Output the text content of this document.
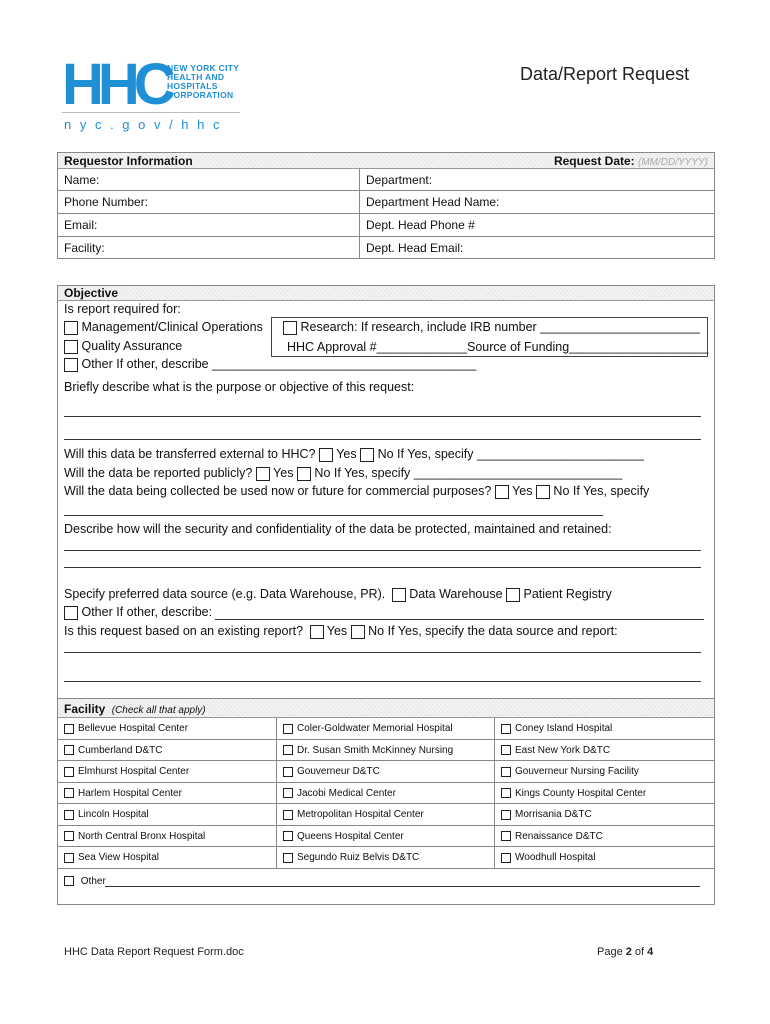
HHC
NEW YORK CITY
HEALTH AND
HOSPITALS
CORPORATION
n y c . g o v / h h c
Data/Report Request
Requestor Information	Request Date: (MM/DD/YYYY)
Name:	Department:
Phone Number:	Department Head Name:
Email:	Dept. Head Phone #
Facility:	Dept. Head Email:
Objective
Is report required for:
Management/Clinical Operations
Quality Assurance
Other If other, describe ______________________________________
Research: If research, include IRB number _______________________
HHC Approval #_____________Source of Funding____________________
Briefly describe what is the purpose or objective of this request:
Will this data be transferred external to HHC? Yes No If Yes, specify ________________________
Will the data be reported publicly? Yes No If Yes, specify ______________________________
Will the data being collected be used now or future for commercial purposes? Yes No If Yes, specify
Describe how will the security and confidentiality of the data be protected, maintained and retained:
Specify preferred data source (e.g. Data Warehouse, PR). Data Warehouse Patient Registry
Other If other, describe:
Is this request based on an existing report? Yes No If Yes, specify the data source and report:
Facility (Check all that apply)
Bellevue Hospital Center	Coler-Goldwater Memorial Hospital	Coney Island Hospital
Cumberland D&TC	Dr. Susan Smith McKinney Nursing	East New York D&TC
Elmhurst Hospital Center	Gouverneur D&TC	Gouverneur Nursing Facility
Harlem Hospital Center	Jacobi Medical Center	Kings County Hospital Center
Lincoln Hospital	Metropolitan Hospital Center	Morrisania D&TC
North Central Bronx Hospital	Queens Hospital Center	Renaissance D&TC
Sea View Hospital	Segundo Ruiz Belvis D&TC	Woodhull Hospital
Other
HHC Data Report Request Form.doc	Page 2 of 4
